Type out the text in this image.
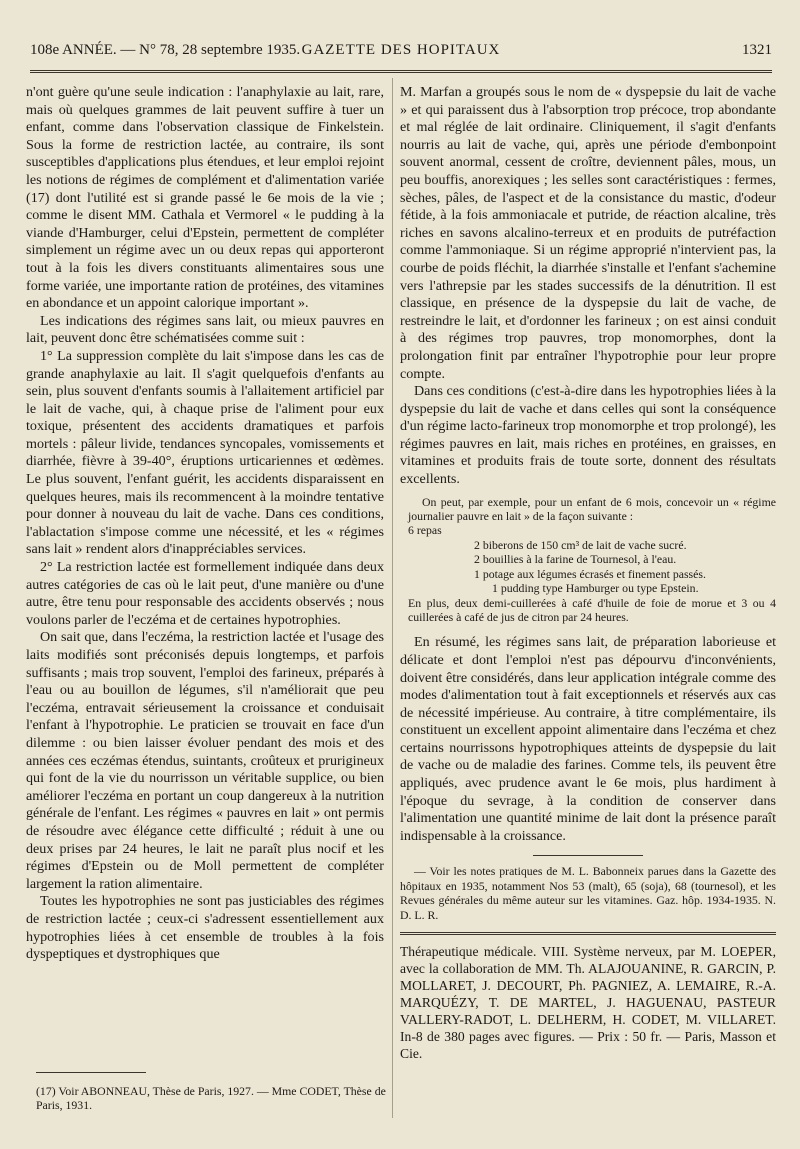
108e ANNÉE. — N° 78, 28 septembre 1935. GAZETTE DES HOPITAUX	1321

n'ont guère qu'une seule indication : l'anaphylaxie au lait, rare, mais où quelques grammes de lait peuvent suffire à tuer un enfant, comme dans l'observation classique de Finkelstein. Sous la forme de restriction lactée, au contraire, ils sont susceptibles d'applications plus étendues, et leur emploi rejoint les notions de régimes de complément et d'alimentation variée (17) dont l'utilité est si grande passé le 6e mois de la vie ; comme le disent MM. Cathala et Vermorel « le pudding à la viande d'Hamburger, celui d'Epstein, permettent de compléter simplement un régime avec un ou deux repas qui apporteront tout à la fois les divers constituants alimentaires sous une forme variée, une importante ration de protéines, des vitamines en abondance et un appoint calorique important ».

Les indications des régimes sans lait, ou mieux pauvres en lait, peuvent donc être schématisées comme suit :

1° La suppression complète du lait s'impose dans les cas de grande anaphylaxie au lait. Il s'agit quelquefois d'enfants au sein, plus souvent d'enfants soumis à l'allaitement artificiel par le lait de vache, qui, à chaque prise de l'aliment pour eux toxique, présentent des accidents dramatiques et parfois mortels : pâleur livide, tendances syncopales, vomissements et diarrhée, fièvre à 39-40°, éruptions urticariennes et œdèmes. Le plus souvent, l'enfant guérit, les accidents disparaissent en quelques heures, mais ils recommencent à la moindre tentative pour donner à nouveau du lait de vache. Dans ces conditions, l'ablactation s'impose comme une nécessité, et les « régimes sans lait » rendent alors d'inappréciables services.

2° La restriction lactée est formellement indiquée dans deux autres catégories de cas où le lait peut, d'une manière ou d'une autre, être tenu pour responsable des accidents observés ; nous voulons parler de l'eczéma et de certaines hypotrophies.

On sait que, dans l'eczéma, la restriction lactée et l'usage des laits modifiés sont préconisés depuis longtemps, et parfois suffisants ; mais trop souvent, l'emploi des farineux, préparés à l'eau ou au bouillon de légumes, s'il n'améliorait que peu l'eczéma, entravait sérieusement la croissance et conduisait l'enfant à l'hypotrophie. Le praticien se trouvait en face d'un dilemme : ou bien laisser évoluer pendant des mois et des années ces eczémas étendus, suintants, croûteux et prurigineux qui font de la vie du nourrisson un véritable supplice, ou bien améliorer l'eczéma en portant un coup dangereux à la nutrition générale de l'enfant. Les régimes « pauvres en lait » ont permis de résoudre avec élégance cette difficulté ; réduit à une ou deux prises par 24 heures, le lait ne paraît plus nocif et les régimes d'Epstein ou de Moll permettent de compléter largement la ration alimentaire.

Toutes les hypotrophies ne sont pas justiciables des régimes de restriction lactée ; ceux-ci s'adressent essentiellement aux hypotrophies liées à cet ensemble de troubles à la fois dyspeptiques et dystrophiques que

(17) Voir ABONNEAU, Thèse de Paris, 1927. — Mme CODET, Thèse de Paris, 1931.

M. Marfan a groupés sous le nom de « dyspepsie du lait de vache » et qui paraissent dus à l'absorption trop précoce, trop abondante et mal réglée de lait ordinaire. Cliniquement, il s'agit d'enfants nourris au lait de vache, qui, après une période d'embonpoint souvent anormal, cessent de croître, deviennent pâles, mous, un peu bouffis, anorexiques ; les selles sont caractéristiques : fermes, sèches, pâles, de l'aspect et de la consistance du mastic, d'odeur fétide, à la fois ammoniacale et putride, de réaction alcaline, très riches en savons alcalino-terreux et en produits de putréfaction comme l'ammoniaque. Si un régime approprié n'intervient pas, la courbe de poids fléchit, la diarrhée s'installe et l'enfant s'achemine vers l'athrepsie par les stades successifs de la dénutrition. Il est classique, en présence de la dyspepsie du lait de vache, de restreindre le lait, et d'ordonner les farineux ; on est ainsi conduit à des régimes trop pauvres, trop monomorphes, dont la prolongation finit par entraîner l'hypotrophie pour leur propre compte.

Dans ces conditions (c'est-à-dire dans les hypotrophies liées à la dyspepsie du lait de vache et dans celles qui sont la conséquence d'un régime lacto-farineux trop monomorphe et trop prolongé), les régimes pauvres en lait, mais riches en protéines, en graisses, en vitamines et produits frais de toute sorte, donnent des résultats excellents.

On peut, par exemple, pour un enfant de 6 mois, concevoir un « régime journalier pauvre en lait » de la façon suivante :

6 repas
2 biberons de 150 cm³ de lait de vache sucré.
2 bouillies à la farine de Tournesol, à l'eau.
1 potage aux légumes écrasés et finement passés.
1 pudding type Hamburger ou type Epstein.
En plus, deux demi-cuillerées à café d'huile de foie de morue et 3 ou 4 cuillerées à café de jus de citron par 24 heures.

En résumé, les régimes sans lait, de préparation laborieuse et délicate et dont l'emploi n'est pas dépourvu d'inconvénients, doivent être considérés, dans leur application intégrale comme des modes d'alimentation tout à fait exceptionnels et réservés aux cas de nécessité impérieuse. Au contraire, à titre complémentaire, ils constituent un excellent appoint alimentaire dans l'eczéma et chez certains nourrissons hypotrophiques atteints de dyspepsie du lait de vache ou de maladie des farines. Comme tels, ils peuvent être appliqués, avec prudence avant le 6e mois, plus hardiment à l'époque du sevrage, à la condition de conserver dans l'alimentation une quantité minime de lait dont la présence paraît indispensable à la croissance.

— Voir les notes pratiques de M. L. Babonneix parues dans la Gazette des hôpitaux en 1935, notamment Nos 53 (malt), 65 (soja), 68 (tournesol), et les Revues générales du même auteur sur les vitamines. Gaz. hôp. 1934-1935. N. D. L. R.

Thérapeutique médicale. VIII. Système nerveux, par M. LOEPER, avec la collaboration de MM. Th. ALAJOUANINE, R. GARCIN, P. MOLLARET, J. DECOURT, Ph. PAGNIEZ, A. LEMAIRE, R.-A. MARQUÉZY, T. DE MARTEL, J. HAGUENAU, PASTEUR VALLERY-RADOT, L. DELHERM, H. CODET, M. VILLARET. In-8 de 380 pages avec figures. — Prix : 50 fr. — Paris, Masson et Cie.
